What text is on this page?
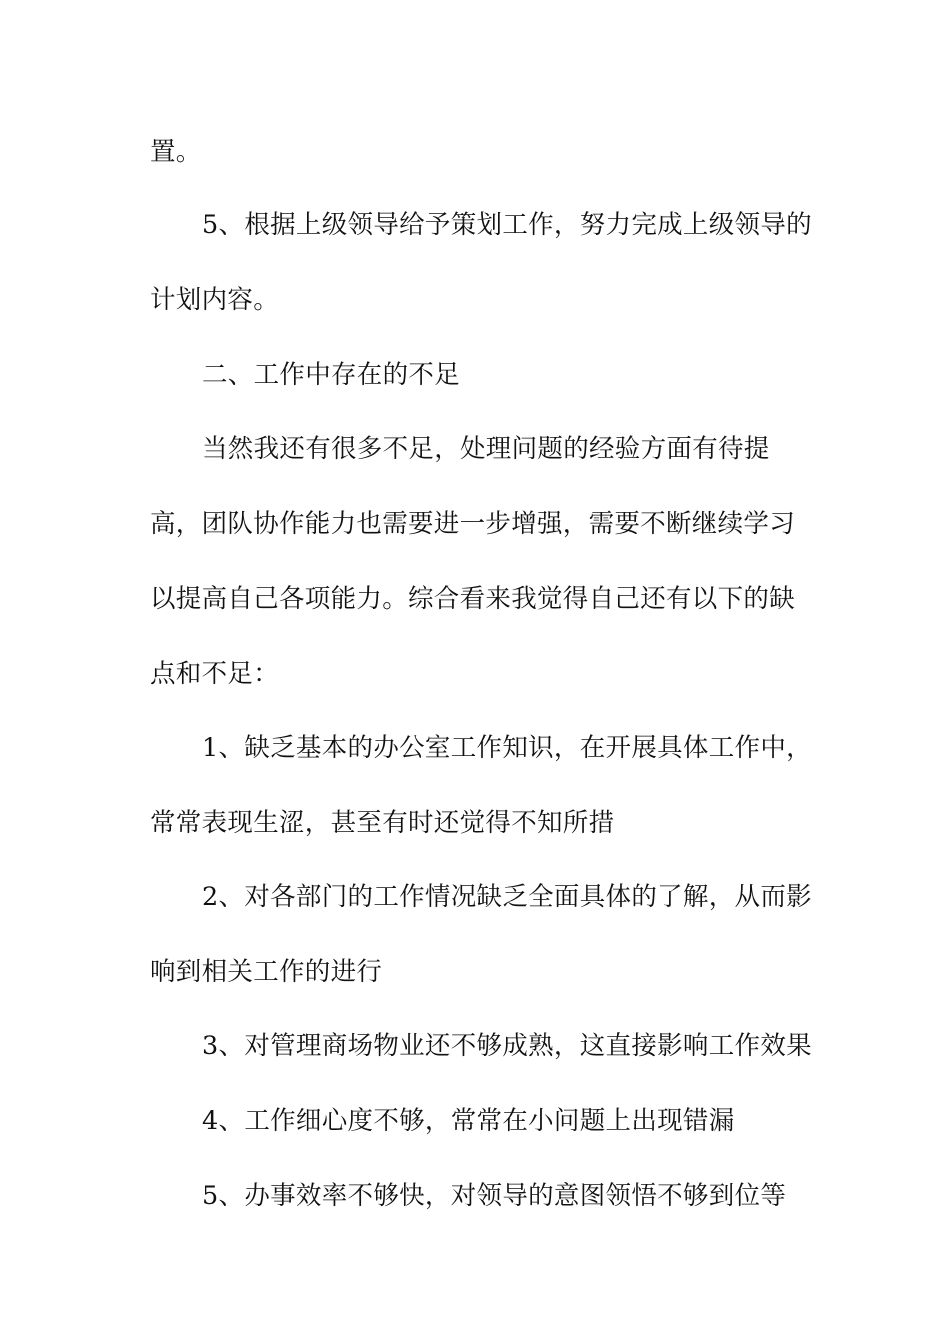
置。
5、根据上级领导给予策划工作，努力完成上级领导的
计划内容。
二、工作中存在的不足
当然我还有很多不足，处理问题的经验方面有待提
高，团队协作能力也需要进一步增强，需要不断继续学习
以提高自己各项能力。综合看来我觉得自己还有以下的缺
点和不足：
1、缺乏基本的办公室工作知识，在开展具体工作中，
常常表现生涩，甚至有时还觉得不知所措
2、对各部门的工作情况缺乏全面具体的了解，从而影
响到相关工作的进行
3、对管理商场物业还不够成熟，这直接影响工作效果
4、工作细心度不够，常常在小问题上出现错漏
5、办事效率不够快，对领导的意图领悟不够到位等
